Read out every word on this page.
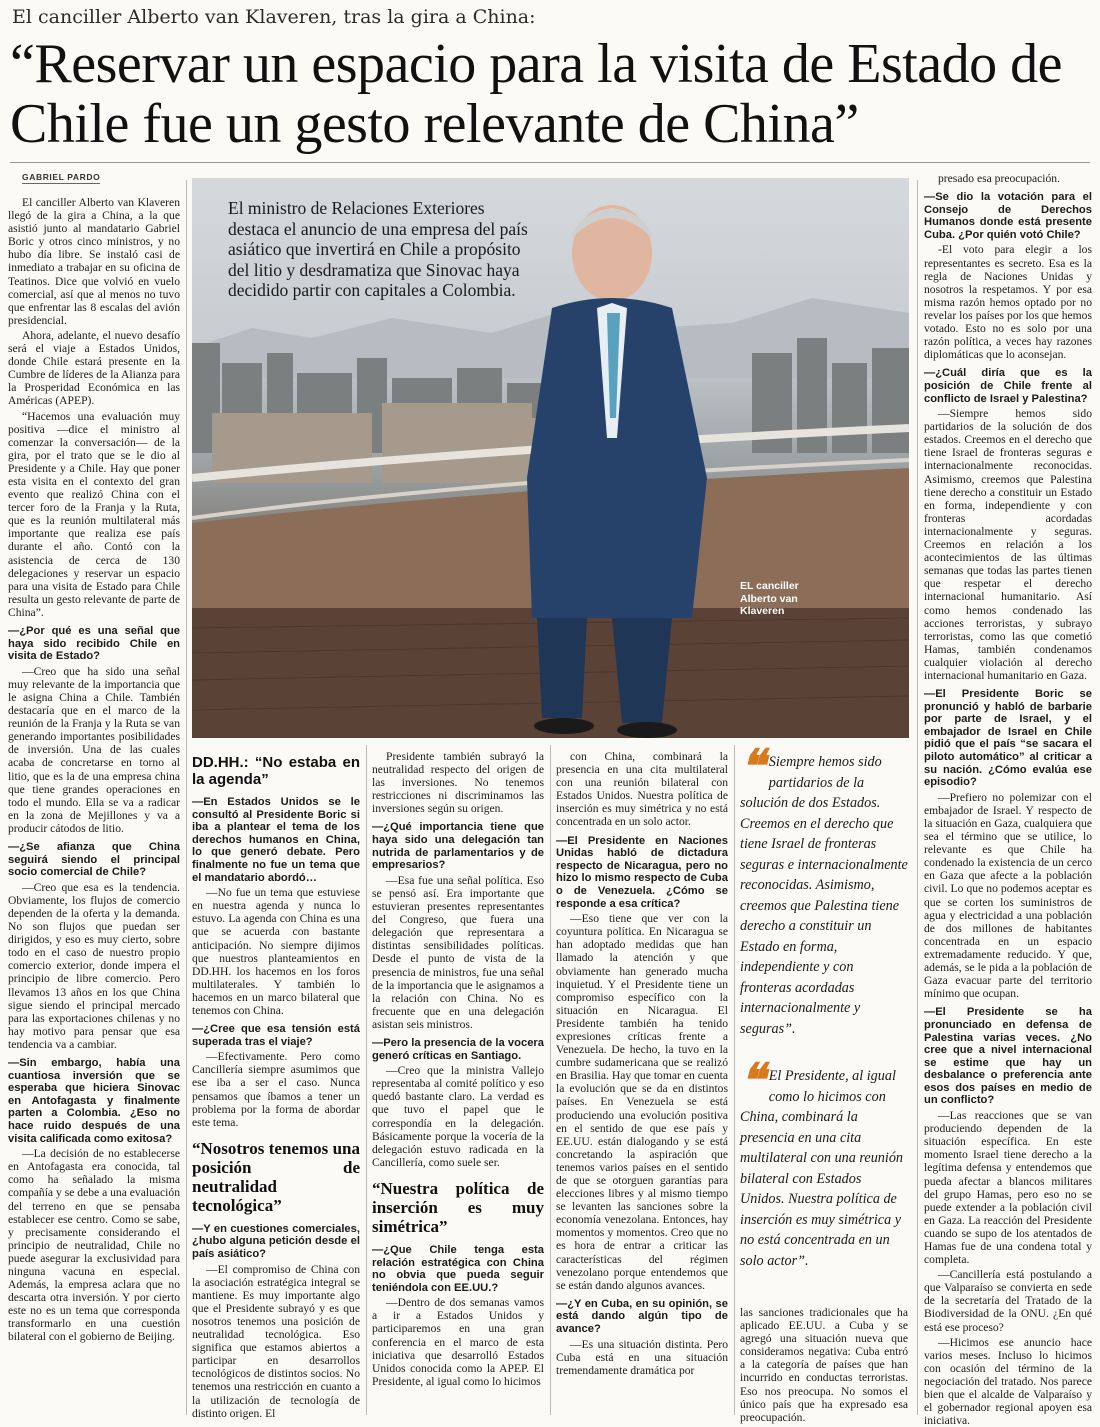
El canciller Alberto van Klaveren, tras la gira a China:
“Reservar un espacio para la visita de Estado de Chile fue un gesto relevante de China”
GABRIEL PARDO

El canciller Alberto van Klaveren llegó de la gira a China, a la que asistió junto al mandatario Gabriel Boric y otros cinco ministros, y no hubo día libre. Se instaló casi de inmediato a trabajar en su oficina de Teatinos. Dice que volvió en vuelo comercial, así que al menos no tuvo que enfrentar las 8 escalas del avión presidencial.

Ahora, adelante, el nuevo desafío será el viaje a Estados Unidos, donde Chile estará presente en la Cumbre de líderes de la Alianza para la Prosperidad Económica en las Américas (APEP).

“Hacemos una evaluación muy positiva —dice el ministro al comenzar la conversación— de la gira, por el trato que se le dio al Presidente y a Chile. Hay que poner esta visita en el contexto del gran evento que realizó China con el tercer foro de la Franja y la Ruta, que es la reunión multilateral más importante que realiza ese país durante el año. Contó con la asistencia de cerca de 130 delegaciones y reservar un espacio para una visita de Estado para Chile resulta un gesto relevante de parte de China”.

—¿Por qué es una señal que haya sido recibido Chile en visita de Estado?

—Creo que ha sido una señal muy relevante de la importancia que le asigna China a Chile. También destacaría que en el marco de la reunión de la Franja y la Ruta se van generando importantes posibilidades de inversión. Una de las cuales acaba de concretarse en torno al litio, que es la de una empresa china que tiene grandes operaciones en todo el mundo. Ella se va a radicar en la zona de Mejillones y va a producir cátodos de litio.

—¿Se afianza que China seguirá siendo el principal socio comercial de Chile?

—Creo que esa es la tendencia. Obviamente, los flujos de comercio dependen de la oferta y la demanda. No son flujos que puedan ser dirigidos, y eso es muy cierto, sobre todo en el caso de nuestro propio comercio exterior, donde impera el principio de libre comercio. Pero llevamos 13 años en los que China sigue siendo el principal mercado para las exportaciones chilenas y no hay motivo para pensar que esa tendencia va a cambiar.

—Sin embargo, había una cuantiosa inversión que se esperaba que hiciera Sinovac en Antofagasta y finalmente parten a Colombia. ¿Eso no hace ruido después de una visita calificada como exitosa?

—La decisión de no establecerse en Antofagasta era conocida, tal como ha señalado la misma compañía y se debe a una evaluación del terreno en que se pensaba establecer ese centro. Como se sabe, y precisamente considerando el principio de neutralidad, Chile no puede asegurar la exclusividad para ninguna vacuna en especial. Además, la empresa aclara que no descarta otra inversión. Y por cierto este no es un tema que corresponda transformarlo en una cuestión bilateral con el gobierno de Beijing.

El ministro de Relaciones Exteriores destaca el anuncio de una empresa del país asiático que invertirá en Chile a propósito del litio y desdramatiza que Sinovac haya decidido partir con capitales a Colombia.
EL canciller Alberto van Klaveren
DD.HH.: “No estaba en la agenda”

—En Estados Unidos se le consultó al Presidente Boric si iba a plantear el tema de los derechos humanos en China, lo que generó debate. Pero finalmente no fue un tema que el mandatario abordó…

—No fue un tema que estuviese en nuestra agenda y nunca lo estuvo. La agenda con China es una que se acuerda con bastante anticipación. No siempre dijimos que nuestros planteamientos en DD.HH. los hacemos en los foros multilaterales. Y también lo hacemos en un marco bilateral que tenemos con China.

—¿Cree que esa tensión está superada tras el viaje?

—Efectivamente. Pero como Cancillería siempre asumimos que ese iba a ser el caso. Nunca pensamos que íbamos a tener un problema por la forma de abordar este tema.

“Nosotros tenemos una posición de neutralidad tecnológica”

—Y en cuestiones comerciales, ¿hubo alguna petición desde el país asiático?

—El compromiso de China con la asociación estratégica integral se mantiene. Es muy importante algo que el Presidente subrayó y es que nosotros tenemos una posición de neutralidad tecnológica. Eso significa que estamos abiertos a participar en desarrollos tecnológicos de distintos socios. No tenemos una restricción en cuanto a la utilización de tecnología de distinto origen. El

Presidente también subrayó la neutralidad respecto del origen de las inversiones. No tenemos restricciones ni discriminamos las inversiones según su origen.

—¿Qué importancia tiene que haya sido una delegación tan nutrida de parlamentarios y de empresarios?

—Esa fue una señal política. Eso se pensó así. Era importante que estuvieran presentes representantes del Congreso, que fuera una delegación que representara a distintas sensibilidades políticas. Desde el punto de vista de la presencia de ministros, fue una señal de la importancia que le asignamos a la relación con China. No es frecuente que en una delegación asistan seis ministros.

—Pero la presencia de la vocera generó críticas en Santiago.

—Creo que la ministra Vallejo representaba al comité político y eso quedó bastante claro. La verdad es que tuvo el papel que le correspondía en la delegación. Básicamente porque la vocería de la delegación estuvo radicada en la Cancillería, como suele ser.

“Nuestra política de inserción es muy simétrica”

—¿Que Chile tenga esta relación estratégica con China no obvia que pueda seguir teniéndola con EE.UU.?

—Dentro de dos semanas vamos a ir a Estados Unidos y participaremos en una gran conferencia en el marco de esta iniciativa que desarrolló Estados Unidos conocida como la APEP. El Presidente, al igual como lo hicimos

con China, combinará la presencia en una cita multilateral con una reunión bilateral con Estados Unidos. Nuestra política de inserción es muy simétrica y no está concentrada en un solo actor.

—El Presidente en Naciones Unidas habló de dictadura respecto de Nicaragua, pero no hizo lo mismo respecto de Cuba o de Venezuela. ¿Cómo se responde a esa crítica?

—Eso tiene que ver con la coyuntura política. En Nicaragua se han adoptado medidas que han llamado la atención y que obviamente han generado mucha inquietud. Y el Presidente tiene un compromiso específico con la situación en Nicaragua. El Presidente también ha tenido expresiones críticas frente a Venezuela. De hecho, la tuvo en la cumbre sudamericana que se realizó en Brasilia. Hay que tomar en cuenta la evolución que se da en distintos países. En Venezuela se está produciendo una evolución positiva en el sentido de que ese país y EE.UU. están dialogando y se está concretando la aspiración que tenemos varios países en el sentido de que se otorguen garantías para elecciones libres y al mismo tiempo se levanten las sanciones sobre la economía venezolana. Entonces, hay momentos y momentos. Creo que no es hora de entrar a criticar las características del régimen venezolano porque entendemos que se están dando algunos avances.

—¿Y en Cuba, en su opinión, se está dando algún tipo de avance?

—Es una situación distinta. Pero Cuba está en una situación tremendamente dramática por

❝ Siempre hemos sido partidarios de la solución de dos Estados. Creemos en el derecho que tiene Israel de fronteras seguras e internacionalmente reconocidas. Asimismo, creemos que Palestina tiene derecho a constituir un Estado en forma, independiente y con fronteras acordadas internacionalmente y seguras”.
❝ El Presidente, al igual como lo hicimos con China, combinará la presencia en una cita multilateral con una reunión bilateral con Estados Unidos. Nuestra política de inserción es muy simétrica y no está concentrada en un solo actor”.

las sanciones tradicionales que ha aplicado EE.UU. a Cuba y se agregó una situación nueva que consideramos negativa: Cuba entró a la categoría de países que han incurrido en conductas terroristas. Eso nos preocupa. No somos el único país que ha expresado esa preocupación.

presado esa preocupación.

—Se dio la votación para el Consejo de Derechos Humanos donde está presente Cuba. ¿Por quién votó Chile?

-El voto para elegir a los representantes es secreto. Esa es la regla de Naciones Unidas y nosotros la respetamos. Y por esa misma razón hemos optado por no revelar los países por los que hemos votado. Esto no es solo por una razón política, a veces hay razones diplomáticas que lo aconsejan.

—¿Cuál diría que es la posición de Chile frente al conflicto de Israel y Palestina?

—Siempre hemos sido partidarios de la solución de dos estados. Creemos en el derecho que tiene Israel de fronteras seguras e internacionalmente reconocidas. Asimismo, creemos que Palestina tiene derecho a constituir un Estado en forma, independiente y con fronteras acordadas internacionalmente y seguras. Creemos en relación a los acontecimientos de las últimas semanas que todas las partes tienen que respetar el derecho internacional humanitario. Así como hemos condenado las acciones terroristas, y subrayo terroristas, como las que cometió Hamas, también condenamos cualquier violación al derecho internacional humanitario en Gaza.

—El Presidente Boric se pronunció y habló de barbarie por parte de Israel, y el embajador de Israel en Chile pidió que el país “se sacara el piloto automático” al criticar a su nación. ¿Cómo evalúa ese episodio?

—Prefiero no polemizar con el embajador de Israel. Y respecto de la situación en Gaza, cualquiera que sea el término que se utilice, lo relevante es que Chile ha condenado la existencia de un cerco en Gaza que afecte a la población civil. Lo que no podemos aceptar es que se corten los suministros de agua y electricidad a una población de dos millones de habitantes concentrada en un espacio extremadamente reducido. Y que, además, se le pida a la población de Gaza evacuar parte del territorio mínimo que ocupan.

—El Presidente se ha pronunciado en defensa de Palestina varias veces. ¿No cree que a nivel internacional se estime que hay un desbalance o preferencia ante esos dos países en medio de un conflicto?

—Las reacciones que se van produciendo dependen de la situación específica. En este momento Israel tiene derecho a la legítima defensa y entendemos que pueda afectar a blancos militares del grupo Hamas, pero eso no se puede extender a la población civil en Gaza. La reacción del Presidente cuando se supo de los atentados de Hamas fue de una condena total y completa.

—Cancillería está postulando a que Valparaíso se convierta en sede de la secretaría del Tratado de la Biodiversidad de la ONU. ¿En qué está ese proceso?

—Hicimos ese anuncio hace varios meses. Incluso lo hicimos con ocasión del término de la negociación del tratado. Nos parece bien que el alcalde de Valparaíso y el gobernador regional apoyen esa iniciativa.
